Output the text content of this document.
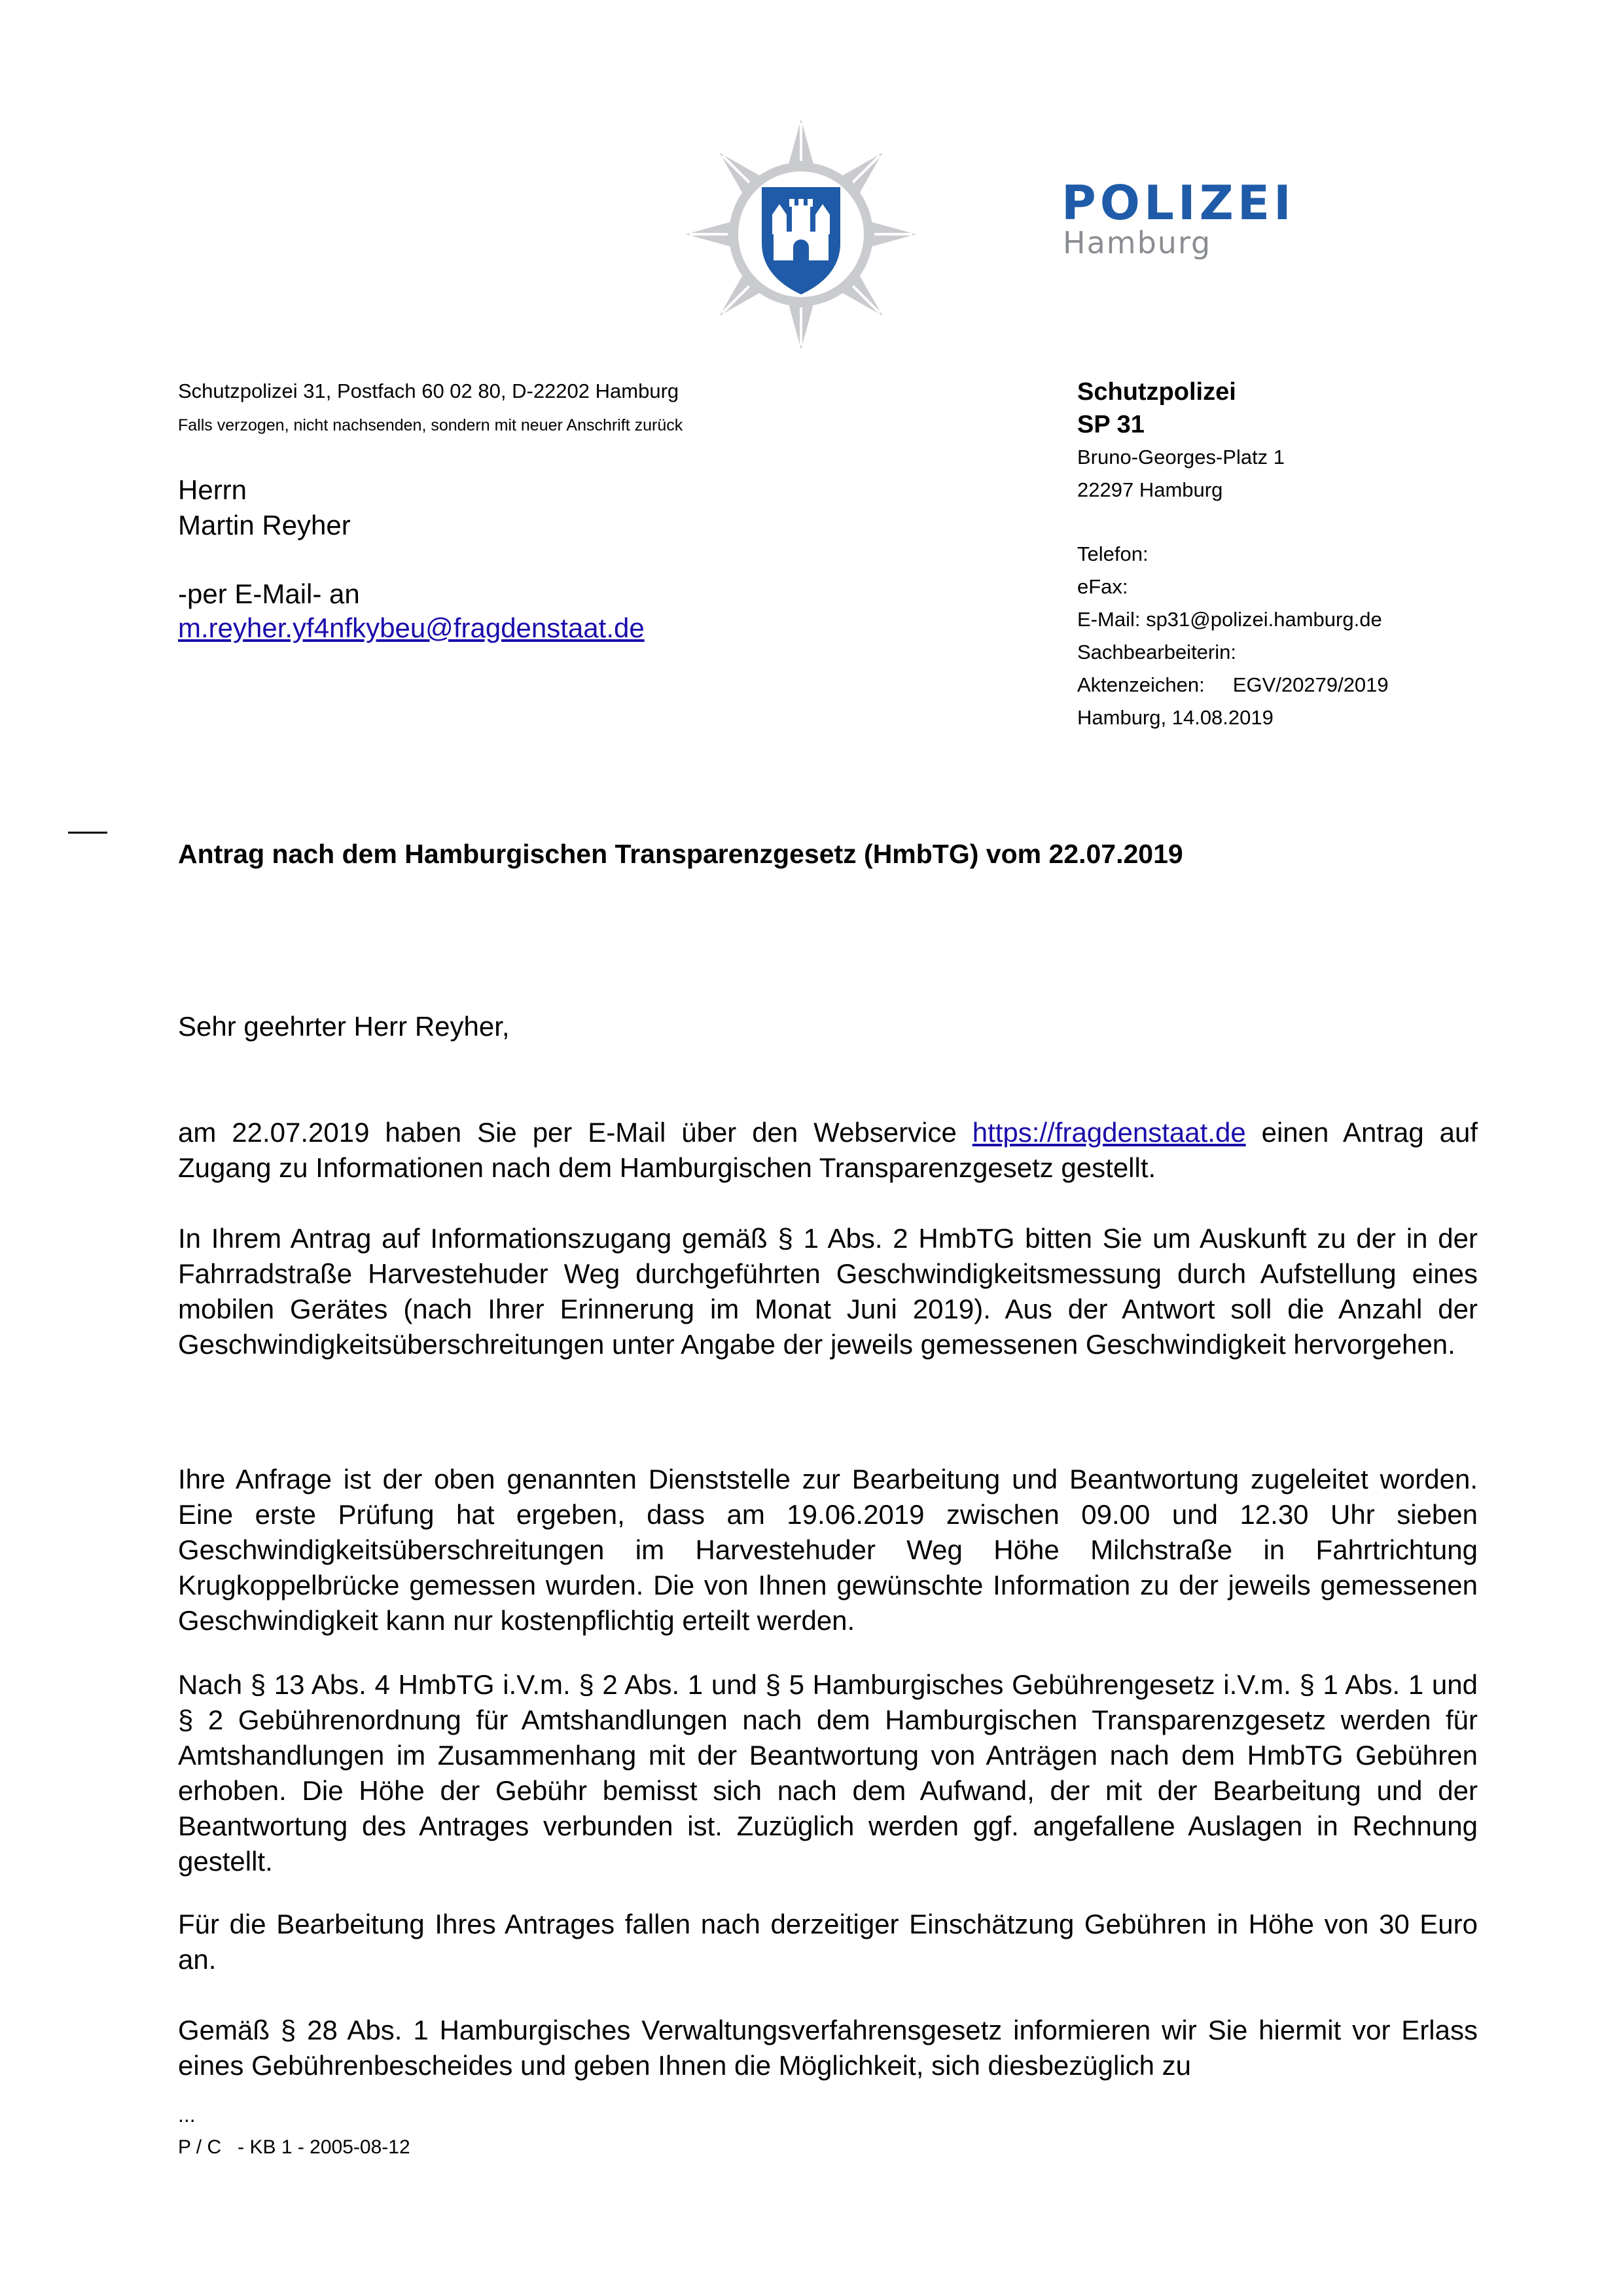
POLIZEI
Hamburg
Schutzpolizei 31, Postfach 60 02 80, D-22202 Hamburg
Falls verzogen, nicht nachsenden, sondern mit neuer Anschrift zurück
Herrn
Martin Reyher
-per E-Mail- an
m.reyher.yf4nfkybeu@fragdenstaat.de
Schutzpolizei
SP 31
Bruno-Georges-Platz 1
22297 Hamburg
Telefon:
eFax:
E-Mail: sp31@polizei.hamburg.de
Sachbearbeiterin:
Aktenzeichen:     EGV/20279/2019
Hamburg, 14.08.2019
Antrag nach dem Hamburgischen Transparenzgesetz (HmbTG) vom 22.07.2019
Sehr geehrter Herr Reyher,
am 22.07.2019 haben Sie per E-Mail über den Webservice https://fragdenstaat.de einen Antrag auf Zugang zu Informationen nach dem Hamburgischen Transparenzgesetz gestellt.
In Ihrem Antrag auf Informationszugang gemäß § 1 Abs. 2 HmbTG bitten Sie um Auskunft zu der in der Fahrradstraße Harvestehuder Weg durchgeführten Geschwindigkeitsmessung durch Aufstellung eines mobilen Gerätes (nach Ihrer Erinnerung im Monat Juni 2019). Aus der Antwort soll die Anzahl der Geschwindigkeitsüberschreitungen unter Angabe der jeweils gemessenen Geschwindigkeit hervorgehen.
Ihre Anfrage ist der oben genannten Dienststelle zur Bearbeitung und Beantwortung zugeleitet worden. Eine erste Prüfung hat ergeben, dass am 19.06.2019 zwischen 09.00 und 12.30 Uhr sieben Geschwindigkeitsüberschreitungen im Harvestehuder Weg Höhe Milchstraße in Fahrtrichtung Krugkoppelbrücke gemessen wurden. Die von Ihnen gewünschte Information zu der jeweils gemessenen Geschwindigkeit kann nur kostenpflichtig erteilt werden.
Nach § 13 Abs. 4 HmbTG i.V.m. § 2 Abs. 1 und § 5 Hamburgisches Gebührengesetz i.V.m. § 1 Abs. 1 und § 2 Gebührenordnung für Amtshandlungen nach dem Hamburgischen Transparenzgesetz werden für Amtshandlungen im Zusammenhang mit der Beantwortung von Anträgen nach dem HmbTG Gebühren erhoben. Die Höhe der Gebühr bemisst sich nach dem Aufwand, der mit der Bearbeitung und der Beantwortung des Antrages verbunden ist. Zuzüglich werden ggf. angefallene Auslagen in Rechnung gestellt.
Für die Bearbeitung Ihres Antrages fallen nach derzeitiger Einschätzung Gebühren in Höhe von 30 Euro an.
Gemäß § 28 Abs. 1 Hamburgisches Verwaltungsverfahrensgesetz informieren wir Sie hiermit vor Erlass eines Gebührenbescheides und geben Ihnen die Möglichkeit, sich diesbezüglich zu
...
P / C   - KB 1 - 2005-08-12
